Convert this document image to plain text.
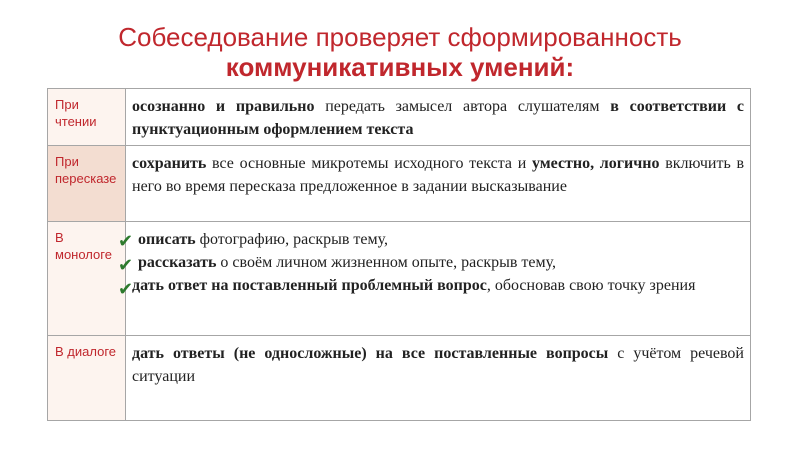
Собеседование проверяет сформированность
коммуникативных умений:
При чтении	осознанно и правильно передать замысел автора слушателям в соответствии с пунктуационным оформлением текста
При пересказе	сохранить все основные микротемы исходного текста и уместно, логично включить в него во время пересказа предложенное в задании высказывание
В монологе	описать фотографию, раскрыв тему,
рассказать о своём личном жизненном опыте, раскрыв тему,
дать ответ на поставленный проблемный вопрос, обосновав свою точку зрения

В диалоге	дать ответы (не односложные) на все поставленные вопросы с учётом речевой ситуации
✔
✔
✔
